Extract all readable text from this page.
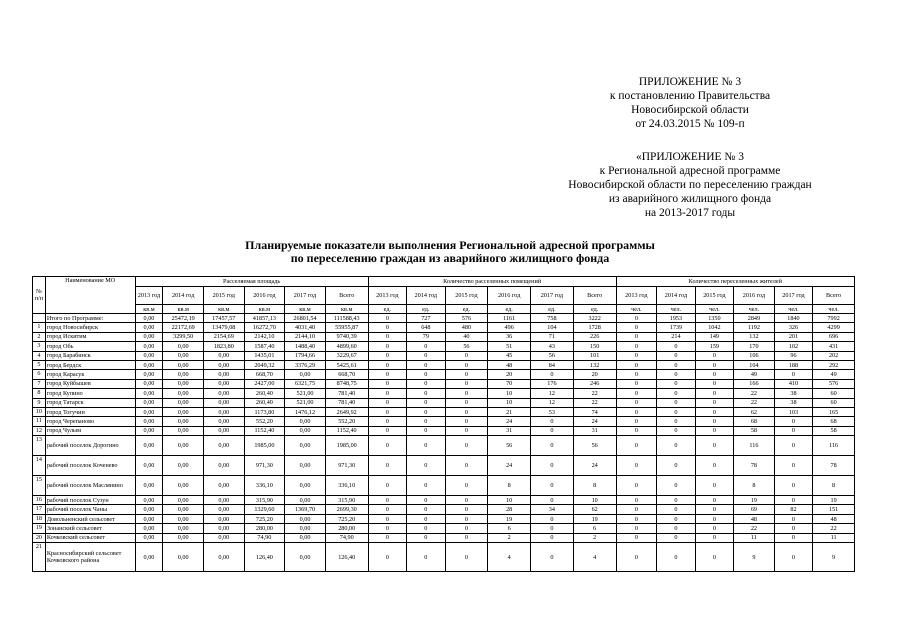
ПРИЛОЖЕНИЕ № 3
к постановлению Правительства
Новосибирской области
от 24.03.2015 № 109-п
«ПРИЛОЖЕНИЕ № 3
к Региональной адресной программе
Новосибирской области по переселению граждан
из аварийного жилищного фонда
на 2013-2017 годы
Планируемые показатели выполнения Региональной адресной программы
по переселению граждан из аварийного жилищного фонда
№ п/п	Наименование МО	Расселяемая площадь						Количество расселенных помещений						Количество переселенных жителей					
		2013 год	2014 год	2015 год	2016 год	2017 год	Всего	2013 год	2014 год	2015 год	2016 год	2017 год	Всего	2013 год	2014 год	2015 год	2016 год	2017 год	Всего
		кв.м	кв.м	кв.м	кв.м	кв.м	кв.м	ед.	ед.	ед.	ед.	ед.	ед.	чел.	чел.	чел.	чел.	чел.	чел.
	Итого по Программе:	0,00	25472,19	17457,57	41857,13	26801,54	111588,43	0	727	576	1161	758	3222	0	1953	1350	2849	1840	7992
1	город Новосибирск	0,00	22172,69	13479,08	16272,70	4031,40	55955,87	0	648	480	496	104	1728	0	1739	1042	1192	326	4299
2	город Искитим	0,00	3299,50	2154,69	2142,10	2144,10	9740,39	0	79	40	36	71	226	0	214	149	132	201	696
3	город Обь	0,00	0,00	1823,80	1587,40	1488,40	4899,60	0	0	56	51	43	150	0	0	159	170	102	431
4	город Барабинск	0,00	0,00	0,00	1435,01	1794,66	3229,67	0	0	0	45	56	101	0	0	0	106	96	202
5	город Бердск	0,00	0,00	0,00	2049,32	3376,29	5425,61	0	0	0	48	84	132	0	0	0	104	188	292
6	город Карасук	0,00	0,00	0,00	668,70	0,00	668,70	0	0	0	20	0	20	0	0	0	49	0	49
7	город Куйбышев	0,00	0,00	0,00	2427,00	6321,75	8748,75	0	0	0	70	176	246	0	0	0	166	410	576
8	город Купино	0,00	0,00	0,00	260,40	521,00	781,40	0	0	0	10	12	22	0	0	0	22	38	60
9	город Татарск	0,00	0,00	0,00	260,40	521,00	781,40	0	0	0	10	12	22	0	0	0	22	38	60
10	город Тогучин	0,00	0,00	0,00	1173,80	1476,12	2649,92	0	0	0	21	53	74	0	0	0	62	103	165
11	город Черепаново	0,00	0,00	0,00	552,20	0,00	552,20	0	0	0	24	0	24	0	0	0	68	0	68
12	город Чулым	0,00	0,00	0,00	1152,40	0,00	1152,40	0	0	0	31	0	31	0	0	0	58	0	58
13	рабочий поселок Дорогино	0,00	0,00	0,00	1985,00	0,00	1985,00	0	0	0	56	0	56	0	0	0	116	0	116
14	рабочий поселок Коченево	0,00	0,00	0,00	971,30	0,00	971,30	0	0	0	24	0	24	0	0	0	78	0	78
15	рабочий поселок Маслянино	0,00	0,00	0,00	336,10	0,00	336,10	0	0	0	8	0	8	0	0	0	8	0	8
16	рабочий поселок Сузун	0,00	0,00	0,00	315,90	0,00	315,90	0	0	0	10	0	10	0	0	0	19	0	19
17	рабочий поселок Чаны	0,00	0,00	0,00	1329,60	1369,70	2699,30	0	0	0	28	34	62	0	0	0	69	82	151
18	Довольненский сельсовет	0,00	0,00	0,00	725,20	0,00	725,20	0	0	0	19	0	19	0	0	0	48	0	48
19	Зонанский сельсовет	0,00	0,00	0,00	280,00	0,00	280,00	0	0	0	6	0	6	0	0	0	22	0	22
20	Кочковский сельсовет	0,00	0,00	0,00	74,90	0,00	74,90	0	0	0	2	0	2	0	0	0	11	0	11
21	Красносибирский сельсовет Кочковского района	0,00	0,00	0,00	126,40	0,00	126,40	0	0	0	4	0	4	0	0	0	9	0	9
